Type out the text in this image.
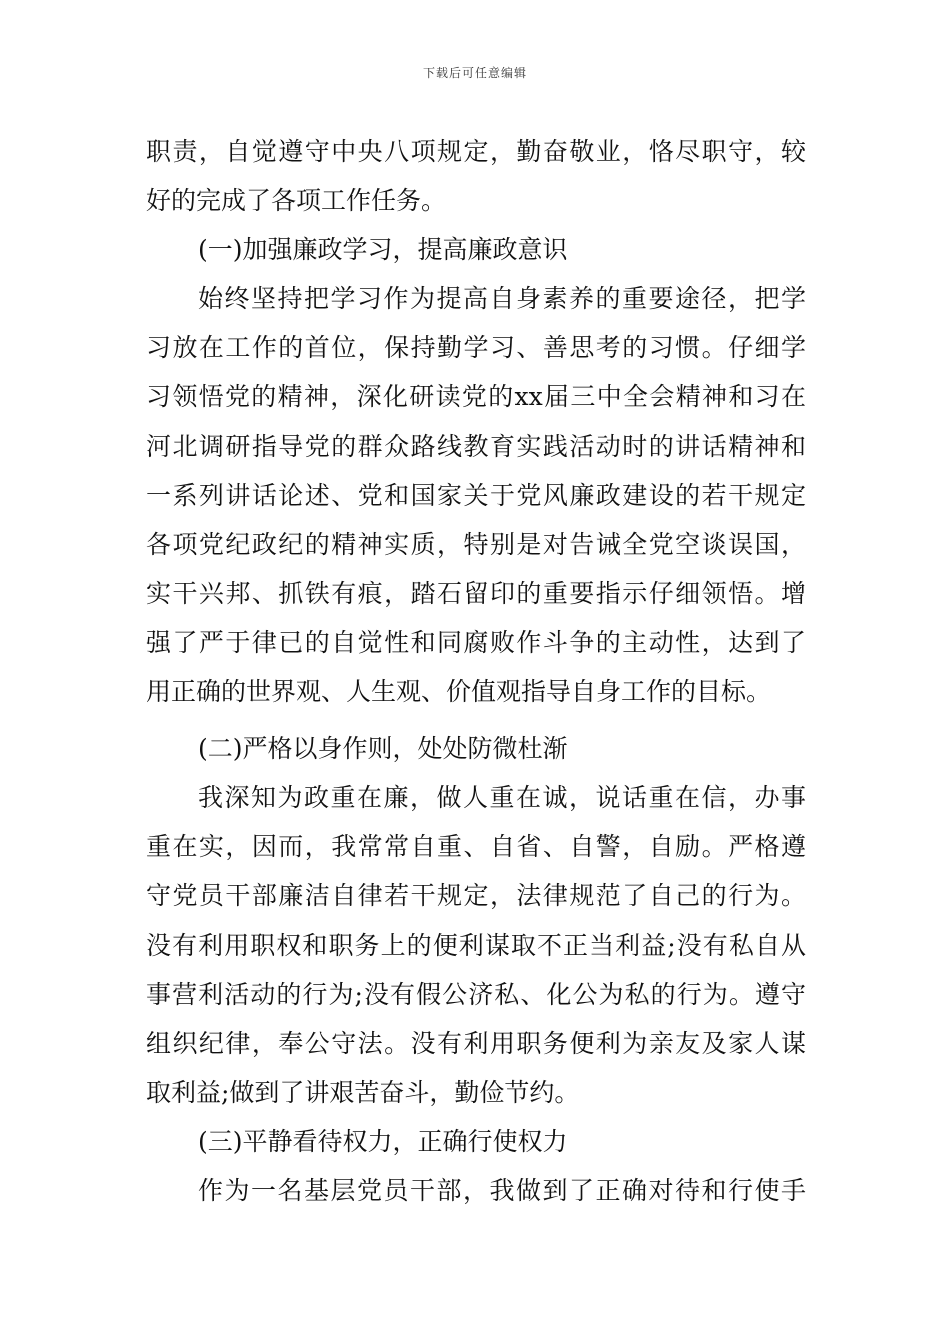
下载后可任意编辑
职责，自觉遵守中央八项规定，勤奋敬业，恪尽职守，较
好的完成了各项工作任务。
(一)加强廉政学习，提高廉政意识
始终坚持把学习作为提高自身素养的重要途径，把学
习放在工作的首位，保持勤学习、善思考的习惯。仔细学
习领悟党的精神，深化研读党的xx届三中全会精神和习在
河北调研指导党的群众路线教育实践活动时的讲话精神和
一系列讲话论述、党和国家关于党风廉政建设的若干规定
各项党纪政纪的精神实质，特别是对告诫全党空谈误国，
实干兴邦、抓铁有痕，踏石留印的重要指示仔细领悟。增
强了严于律已的自觉性和同腐败作斗争的主动性，达到了
用正确的世界观、人生观、价值观指导自身工作的目标。
(二)严格以身作则，处处防微杜渐
我深知为政重在廉，做人重在诚，说话重在信，办事
重在实，因而，我常常自重、自省、自警，自励。严格遵
守党员干部廉洁自律若干规定，法律规范了自己的行为。
没有利用职权和职务上的便利谋取不正当利益;没有私自从
事营利活动的行为;没有假公济私、化公为私的行为。遵守
组织纪律，奉公守法。没有利用职务便利为亲友及家人谋
取利益;做到了讲艰苦奋斗，勤俭节约。
(三)平静看待权力，正确行使权力
作为一名基层党员干部，我做到了正确对待和行使手
